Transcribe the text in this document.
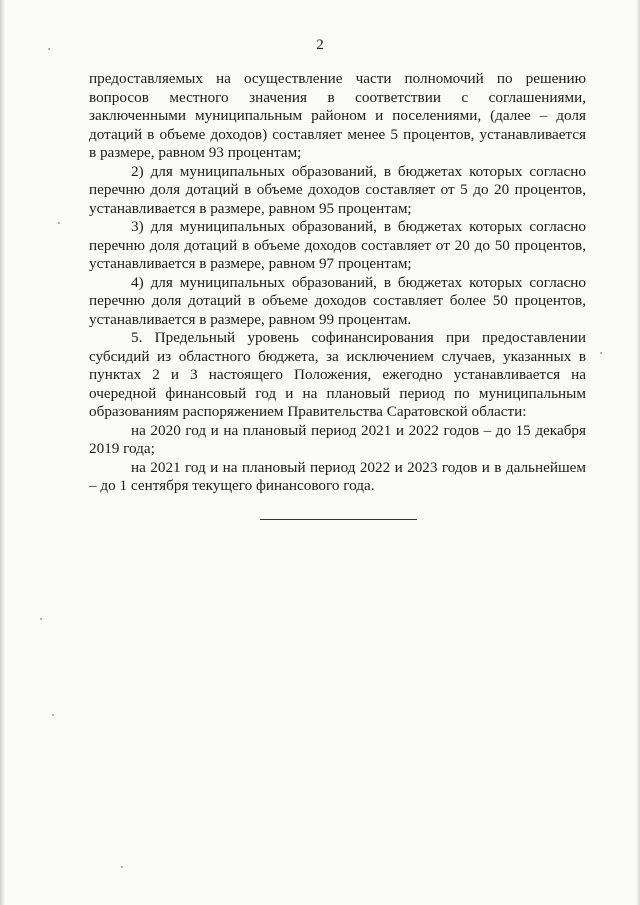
2

предоставляемых на осуществление части полномочий по решению вопросов местного значения в соответствии с соглашениями, заключенными муниципальным районом и поселениями, (далее – доля дотаций в объеме доходов) составляет менее 5 процентов, устанавливается в размере, равном 93 процентам;

2) для муниципальных образований, в бюджетах которых согласно перечню доля дотаций в объеме доходов составляет от 5 до 20 процентов, устанавливается в размере, равном 95 процентам;

3) для муниципальных образований, в бюджетах которых согласно перечню доля дотаций в объеме доходов составляет от 20 до 50 процентов, устанавливается в размере, равном 97 процентам;

4) для муниципальных образований, в бюджетах которых согласно перечню доля дотаций в объеме доходов составляет более 50 процентов, устанавливается в размере, равном 99 процентам.

5. Предельный уровень софинансирования при предоставлении субсидий из областного бюджета, за исключением случаев, указанных в пунктах 2 и 3 настоящего Положения, ежегодно устанавливается на очередной финансовый год и на плановый период по муниципальным образованиям распоряжением Правительства Саратовской области:

на 2020 год и на плановый период 2021 и 2022 годов – до 15 декабря 2019 года;

на 2021 год и на плановый период 2022 и 2023 годов и в дальнейшем – до 1 сентября текущего финансового года.
